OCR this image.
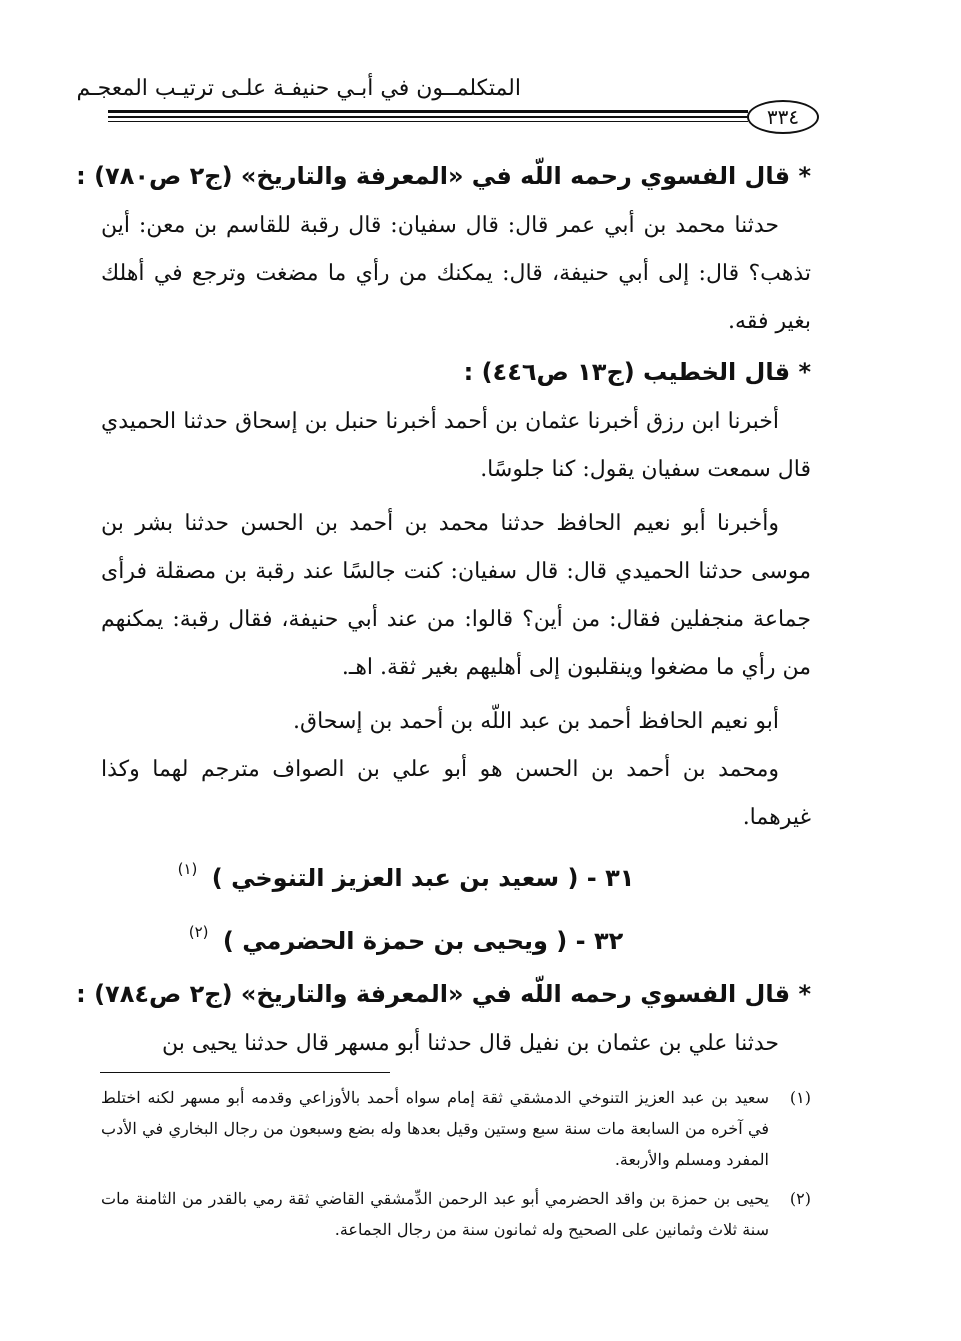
المتكلمــون في أبـي حنيفـة علـى ترتيـب المعجـم
٣٣٤

* قال الفسوي رحمه اللّه في «المعرفة والتاريخ» (ج٢ ص٧٨٠) :

حدثنا محمد بن أبي عمر قال: قال سفيان: قال رقبة للقاسم بن معن: أين تذهب؟ قال: إلى أبي حنيفة، قال: يمكنك من رأي ما مضغت وترجع في أهلك بغير فقه.

* قال الخطيب (ج١٣ ص٤٤٦) :

أخبرنا ابن رزق أخبرنا عثمان بن أحمد أخبرنا حنبل بن إسحاق حدثنا الحميدي قال سمعت سفيان يقول: كنا جلوسًا.

وأخبرنا أبو نعيم الحافظ حدثنا محمد بن أحمد بن الحسن حدثنا بشر بن موسى حدثنا الحميدي قال: قال سفيان: كنت جالسًا عند رقبة بن مصقلة فرأى جماعة منجفلين فقال: من أين؟ قالوا: من عند أبي حنيفة، فقال رقبة: يمكنهم من رأي ما مضغوا وينقلبون إلى أهليهم بغير ثقة. اهـ.

أبو نعيم الحافظ أحمد بن عبد اللّه بن أحمد بن إسحاق.

ومحمد بن أحمد بن الحسن هو أبو علي بن الصواف مترجم لهما وكذا غيرهما.

٣١ - ( سعيد بن عبد العزيز التنوخي ) $^{(١)}$
٣٢ - ( ويحيى بن حمزة الحضرمي ) $^{(٢)}$

* قال الفسوي رحمه اللّه في «المعرفة والتاريخ» (ج٢ ص٧٨٤) :

حدثنا علي بن عثمان بن نفيل قال حدثنا أبو مسهر قال حدثنا يحيى بن

(١)
سعيد بن عبد العزيز التنوخي الدمشقي ثقة إمام سواه أحمد بالأوزاعي وقدمه أبو مسهر لكنه اختلط في آخره من السابعة مات سنة سبع وستين وقيل بعدها وله بضع وسبعون من رجال البخاري في الأدب المفرد ومسلم والأربعة.

(٢)
يحيى بن حمزة بن واقد الحضرمي أبو عبد الرحمن الدِّمشقي القاضي ثقة رمي بالقدر من الثامنة مات سنة ثلاث وثمانين على الصحيح وله ثمانون سنة من رجال الجماعة.
